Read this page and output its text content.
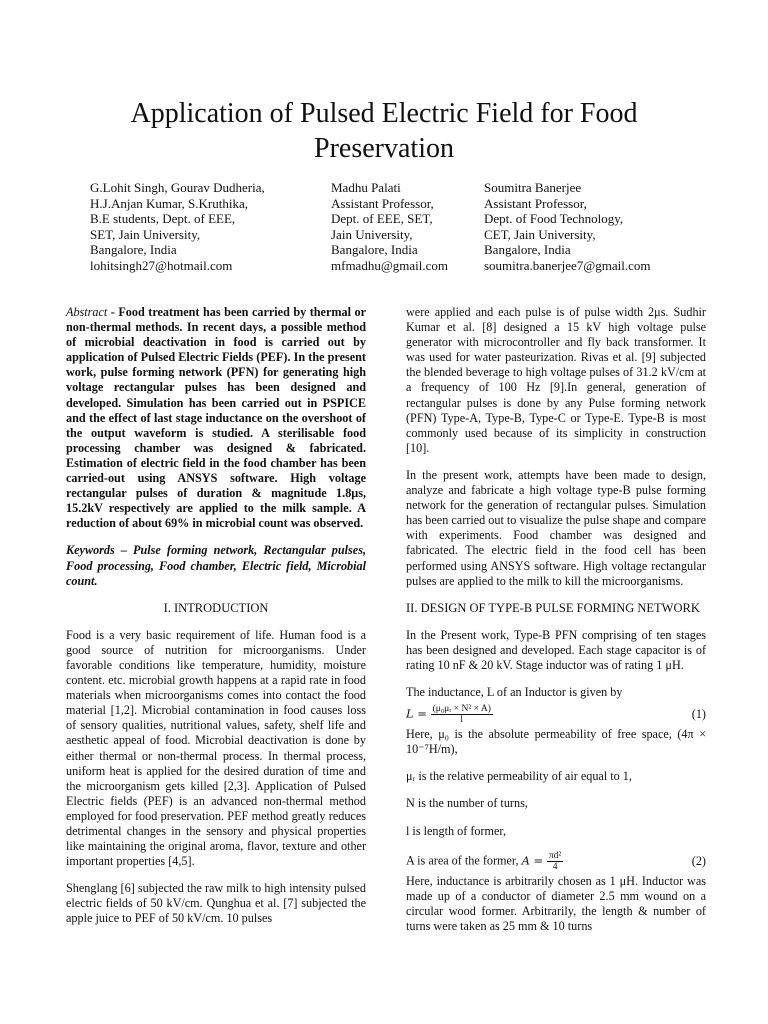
Application of Pulsed Electric Field for Food Preservation
G.Lohit Singh, Gourav Dudheria,
H.J.Anjan Kumar, S.Kruthika,
B.E students, Dept. of EEE,
SET, Jain University,
Bangalore, India
lohitsingh27@hotmail.com
Madhu Palati
Assistant Professor,
Dept. of EEE, SET,
Jain University,
Bangalore, India
mfmadhu@gmail.com
Soumitra Banerjee
Assistant Professor,
Dept. of Food Technology,
CET, Jain University,
Bangalore, India
soumitra.banerjee7@gmail.com

Abstract - Food treatment has been carried by thermal or non-thermal methods. In recent days, a possible method of microbial deactivation in food is carried out by application of Pulsed Electric Fields (PEF). In the present work, pulse forming network (PFN) for generating high voltage rectangular pulses has been designed and developed. Simulation has been carried out in PSPICE and the effect of last stage inductance on the overshoot of the output waveform is studied. A sterilisable food processing chamber was designed & fabricated. Estimation of electric field in the food chamber has been carried-out using ANSYS software. High voltage rectangular pulses of duration & magnitude 1.8μs, 15.2kV respectively are applied to the milk sample. A reduction of about 69% in microbial count was observed.

Keywords – Pulse forming network, Rectangular pulses, Food processing, Food chamber, Electric field, Microbial count.

I. INTRODUCTION

Food is a very basic requirement of life. Human food is a good source of nutrition for microorganisms. Under favorable conditions like temperature, humidity, moisture content. etc. microbial growth happens at a rapid rate in food materials when microorganisms comes into contact the food material [1,2]. Microbial contamination in food causes loss of sensory qualities, nutritional values, safety, shelf life and aesthetic appeal of food. Microbial deactivation is done by either thermal or non-thermal process. In thermal process, uniform heat is applied for the desired duration of time and the microorganism gets killed [2,3]. Application of Pulsed Electric fields (PEF) is an advanced non-thermal method employed for food preservation. PEF method greatly reduces detrimental changes in the sensory and physical properties like maintaining the original aroma, flavor, texture and other important properties [4,5].

Shenglang [6] subjected the raw milk to high intensity pulsed electric fields of 50 kV/cm. Qunghua et al. [7] subjected the apple juice to PEF of 50 kV/cm. 10 pulses

were applied and each pulse is of pulse width 2μs. Sudhir Kumar et al. [8] designed a 15 kV high voltage pulse generator with microcontroller and fly back transformer. It was used for water pasteurization. Rivas et al. [9] subjected the blended beverage to high voltage pulses of 31.2 kV/cm at a frequency of 100 Hz [9].In general, generation of rectangular pulses is done by any Pulse forming network (PFN) Type-A, Type-B, Type-C or Type-E. Type-B is most commonly used because of its simplicity in construction [10].

In the present work, attempts have been made to design, analyze and fabricate a high voltage type-B pulse forming network for the generation of rectangular pulses. Simulation has been carried out to visualize the pulse shape and compare with experiments. Food chamber was designed and fabricated. The electric field in the food cell has been performed using ANSYS software. High voltage rectangular pulses are applied to the milk to kill the microorganisms.

II. DESIGN OF TYPE-B PULSE FORMING NETWORK

In the Present work, Type-B PFN comprising of ten stages has been designed and developed. Each stage capacitor is of rating 10 nF & 20 kV. Stage inductor was of rating 1 μH.

The inductance, L of an Inductor is given by

$L = \frac{\text{(μ₀μᵣ × N² × A)}}{l}$	(1)

Here, μ₀ is the absolute permeability of free space, (4π × 10⁻⁷H/m),

μᵣ is the relative permeability of air equal to 1,

N is the number of turns,

l is length of former,

A is area of the former, $A = \frac{\text{πd²}}{4}$	(2)

Here, inductance is arbitrarily chosen as 1 μH. Inductor was made up of a conductor of diameter 2.5 mm wound on a circular wood former. Arbitrarily, the length & number of turns were taken as 25 mm & 10 turns
